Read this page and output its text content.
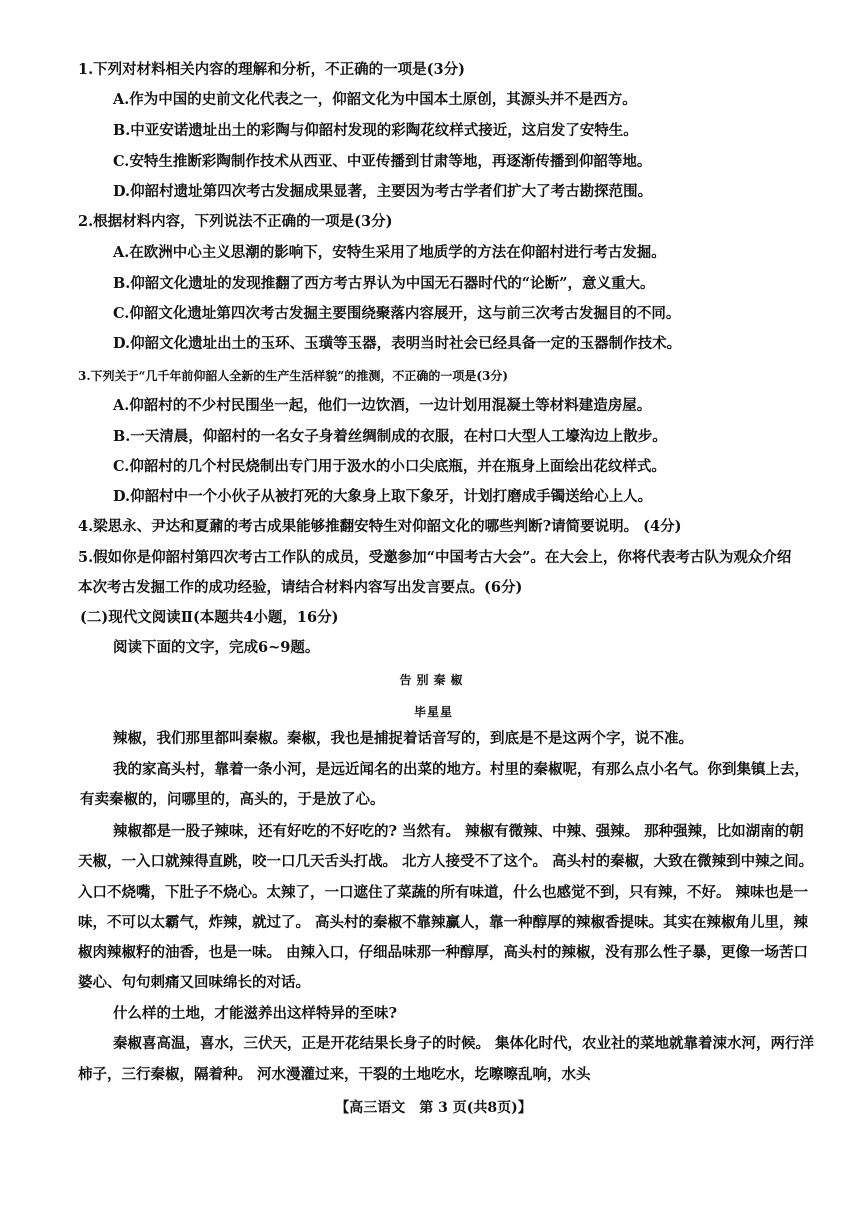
1.下列对材料相关内容的理解和分析，不正确的一项是(3分)
A.作为中国的史前文化代表之一，仰韶文化为中国本土原创，其源头并不是西方。
B.中亚安诺遗址出土的彩陶与仰韶村发现的彩陶花纹样式接近，这启发了安特生。
C.安特生推断彩陶制作技术从西亚、中亚传播到甘肃等地，再逐渐传播到仰韶等地。
D.仰韶村遗址第四次考古发掘成果显著，主要因为考古学者们扩大了考古勘探范围。
2.根据材料内容，下列说法不正确的一项是(3分)
A.在欧洲中心主义思潮的影响下，安特生采用了地质学的方法在仰韶村进行考古发掘。
B.仰韶文化遗址的发现推翻了西方考古界认为中国无石器时代的“论断”，意义重大。
C.仰韶文化遗址第四次考古发掘主要围绕聚落内容展开，这与前三次考古发掘目的不同。
D.仰韶文化遗址出土的玉环、玉璜等玉器，表明当时社会已经具备一定的玉器制作技术。
3.下列关于“几千年前仰韶人全新的生产生活样貌”的推测，不正确的一项是(3分)
A.仰韶村的不少村民围坐一起，他们一边饮酒，一边计划用混凝土等材料建造房屋。
B.一天清晨，仰韶村的一名女子身着丝绸制成的衣服，在村口大型人工壕沟边上散步。
C.仰韶村的几个村民烧制出专门用于汲水的小口尖底瓶，并在瓶身上面绘出花纹样式。
D.仰韶村中一个小伙子从被打死的大象身上取下象牙，计划打磨成手镯送给心上人。
4.梁思永、尹达和夏鼐的考古成果能够推翻安特生对仰韶文化的哪些判断?请简要说明。 (4分)
5.假如你是仰韶村第四次考古工作队的成员，受邀参加“中国考古大会”。在大会上，你将代表考古队为观众介绍
本次考古发掘工作的成功经验，请结合材料内容写出发言要点。(6分)
(二)现代文阅读Ⅱ(本题共4小题，16分)
阅读下面的文字，完成6~9题。
告别秦椒
毕星星
辣椒，我们那里都叫秦椒。秦椒，我也是捕捉着话音写的，到底是不是这两个字，说不准。
我的家高头村，靠着一条小河，是远近闻名的出菜的地方。村里的秦椒呢，有那么点小名气。你到集镇上去，
有卖秦椒的，问哪里的，高头的，于是放了心。
辣椒都是一股子辣味，还有好吃的不好吃的? 当然有。 辣椒有微辣、中辣、强辣。 那种强辣，比如湖南的朝
天椒，一入口就辣得直跳，咬一口几天舌头打战。 北方人接受不了这个。 高头村的秦椒，大致在微辣到中辣之间。
入口不烧嘴，下肚子不烧心。太辣了，一口遮住了菜蔬的所有味道，什么也感觉不到，只有辣，不好。 辣味也是一
味，不可以太霸气，炸辣，就过了。 高头村的秦椒不靠辣赢人，靠一种醇厚的辣椒香提味。其实在辣椒角儿里，辣
椒肉辣椒籽的油香，也是一味。 由辣入口，仔细品味那一种醇厚，高头村的辣椒，没有那么性子暴，更像一场苦口
婆心、句句刺痛又回味绵长的对话。
什么样的土地，才能滋养出这样特异的至味?
秦椒喜高温，喜水，三伏天，正是开花结果长身子的时候。 集体化时代，农业社的菜地就靠着涑水河，两行洋
柿子，三行秦椒，隔着种。 河水漫灌过来，干裂的土地吃水，圪嚓嚓乱响，水头
【高三语文　第 3 页(共8页)】
